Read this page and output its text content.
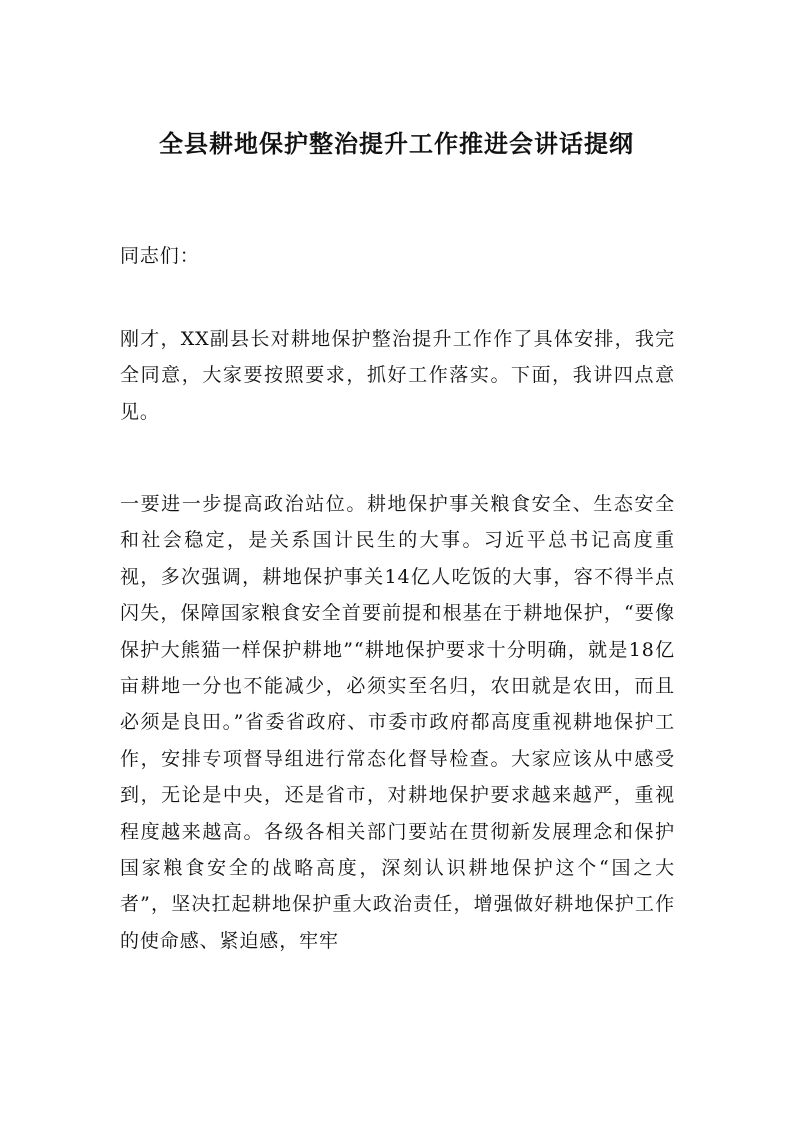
全县耕地保护整治提升工作推进会讲话提纲

同志们：

刚才，XX副县长对耕地保护整治提升工作作了具体安排，我完全同意，大家要按照要求，抓好工作落实。下面，我讲四点意见。

一要进一步提高政治站位。耕地保护事关粮食安全、生态安全和社会稳定，是关系国计民生的大事。习近平总书记高度重视，多次强调，耕地保护事关14亿人吃饭的大事，容不得半点闪失，保障国家粮食安全首要前提和根基在于耕地保护，“要像保护大熊猫一样保护耕地”“耕地保护要求十分明确，就是18亿亩耕地一分也不能减少，必须实至名归，农田就是农田，而且必须是良田。”省委省政府、市委市政府都高度重视耕地保护工作，安排专项督导组进行常态化督导检查。大家应该从中感受到，无论是中央，还是省市，对耕地保护要求越来越严，重视程度越来越高。各级各相关部门要站在贯彻新发展理念和保护国家粮食安全的战略高度，深刻认识耕地保护这个“国之大者”，坚决扛起耕地保护重大政治责任，增强做好耕地保护工作的使命感、紧迫感，牢牢
